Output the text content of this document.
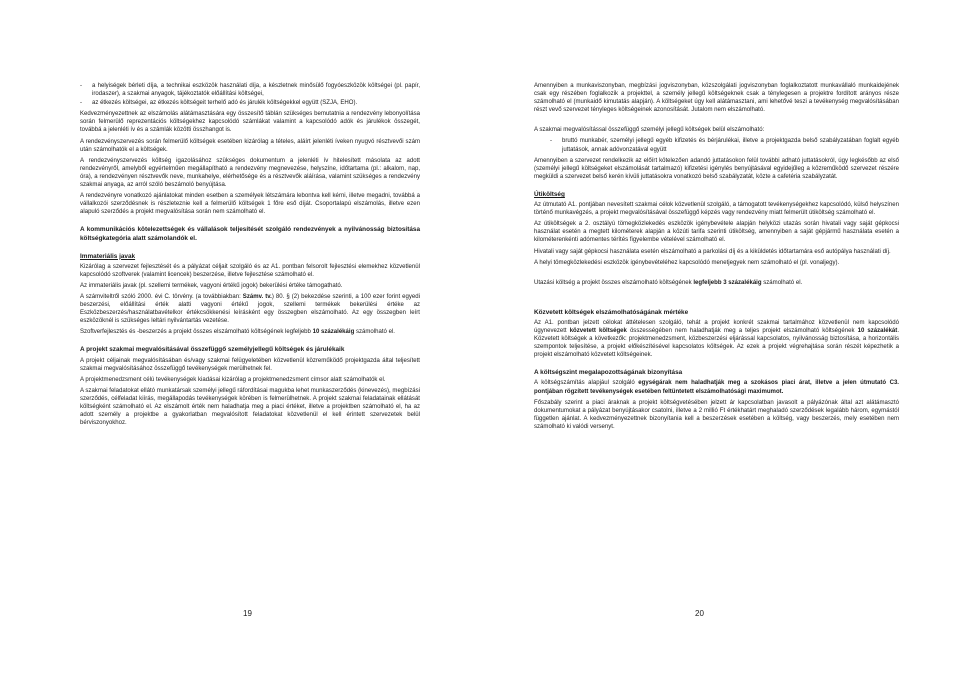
- a helyiségek bérleti díja, a technikai eszközök használati díja, a készletnek minősülő fogyóeszközök költségei (pl. papír, irodaszer), a szakmai anyagok, tájékoztatók előállítási költségei,
- az étkezés költségei, az étkezés költségeit terhelő adó és járulék költségekkel együtt (SZJA, EHO).

Kedvezményezettnek az elszámolás alátámasztására egy összesítő táblán szükséges bemutatnia a rendezvény lebonyolítása során felmerülő reprezentációs költségekhez kapcsolódó számlákat valamint a kapcsolódó adók és járulékok összegét, továbbá a jelenléti ív és a számlák közötti összhangot is.

A rendezvényszervezés során felmerülő költségek esetében kizárólag a tételes, aláírt jelenléti íveken nyugvó résztvevői szám után számolhatók el a költségek.

A rendezvényszervezés költség igazolásához szükséges dokumentum a jelenléti ív hitelesített másolata az adott rendezvényről, amelyből egyértelműen megállapítható a rendezvény megnevezése, helyszíne, időtartama (pl.: alkalom, nap, óra), a rendezvényen résztvevők neve, munkahelye, elérhetősége és a résztvevők aláírása, valamint szükséges a rendezvény szakmai anyaga, az arról szóló beszámoló benyújtása.

A rendezvényre vonatkozó ajánlatokat minden esetben a személyek létszámára lebontva kell kérni, illetve megadni, továbbá a vállalkozói szerződésnek is részleteznie kell a felmerülő költségek 1 főre eső díját. Csoportalapú elszámolás, illetve ezen alapuló szerződés a projekt megvalósítása során nem számolható el.

A kommunikációs kötelezettségek és vállalások teljesítését szolgáló rendezvények a nyilvánosság biztosítása költségkategória alatt számolandók el.

Immateriális javak

Kizárólag a szervezet fejlesztését és a pályázat céljait szolgáló és az A1. pontban felsorolt fejlesztési elemekhez közvetlenül kapcsolódó szoftverek (valamint licencek) beszerzése, illetve fejlesztése számolható el.

Az immateriális javak (pl. szellemi termékek, vagyoni értékű jogok) bekerülési értéke támogatható.

A számviteltről szóló 2000. évi C. törvény. (a továbbiakban: Számv. tv.) 80. § (2) bekezdése szerinti, a 100 ezer forint egyedi beszerzési, előállítási érték alatti vagyoni értékű jogok, szellemi termékek bekerülési értéke az Eszközbeszerzés/használatbavételkor értékcsökkenési leírásként egy összegben elszámolható. Az egy összegben leírt eszközöknél is szükséges leltári nyilvántartás vezetése.

Szoftverfejlesztés és -beszerzés a projekt összes elszámolható költségének legfeljebb 10 százalékáig számolható el.

A projekt szakmai megvalósításával összefüggő személyjellegű költségek és járulékaik

A projekt céljainak megvalósításában és/vagy szakmai felügyeletében közvetlenül közreműködő projektgazda által teljesített szakmai megvalósításához összefüggő tevékenységek merülhetnek fel.

A projektmenedzsment célú tevékenységek kiadásai kizárólag a projektmenedzsment címsor alatt számolhatók el.

A szakmai feladatokat ellátó munkatársak személyi jellegű ráfordításai magukba lehet munkaszerződés (kinevezés), megbízási szerződés, célfeladat kiírás, megállapodás tevékenységek körében is felmerülhetnek. A projekt szakmai feladatainak ellátását költségként számolható el. Az elszámolt érték nem haladhatja meg a piaci értéket, illetve a projektben számolható el, ha az adott személy a projektbe a gyakorlatban megvalósított feladatokat közvetlenül el kell érintett szervezetek belül bérviszonyokhoz.

Amennyiben a munkaviszonyban, megbízási jogviszonyban, közszolgálati jogviszonyban foglalkoztatott munkavállaló munkaidejének csak egy részében foglalkozik a projekttel, a személy jellegű költségeknek csak a ténylegesen a projektre fordított arányos része számolható el (munkaidő kimutatás alapján). A költségeket úgy kell alátámasztani, ami lehetővé teszi a tevékenység megvalósításában részt vevő szervezet tényleges költségeinek azonosítását. Jutalom nem elszámolható.

A szakmai megvalósítással összefüggő személyi jellegű költségek belül elszámolható:

- bruttó munkabér, személyi jellegű egyéb kifizetés és bérjárulékai, illetve a projektgazda belső szabályzatában foglalt egyéb juttatások, annak adóvonzatával együtt

Amennyiben a szervezet rendelkezik az előírt kötelezően adandó juttatásokon felül további adható juttatásokról, úgy legkésőbb az első (személyi jellegű költségeket elszámolását tartalmazó) kifizetési igénylés benyújtásával egyidejűleg a közreműködő szervezet részére megküldi a szervezet belső kerén kívüli juttatásokra vonatkozó belső szabályzatát, közte a cafetéria szabályzatát.

Útiköltség

Az útmutató A1. pontjában nevesített szakmai célok közvetlenül szolgáló, a támogatott tevékenységekhez kapcsolódó, külső helyszínen történő munkavégzés, a projekt megvalósításával összefüggő képzés vagy rendezvény miatt felmerült útiköltség számolható el.

Az útiköltségek a 2. osztályú tömegközlekedés eszközök igénybevétele alapján helyközi utazás során hivatali vagy saját gépkocsi használat esetén a megtett kilométerek alapján a közúti tarifa szerinti útiköltség, amennyiben a saját gépjármű használata esetén a kilométerenkénti adómentes térítés figyelembe vételével számolható el.

Hivatali vagy saját gépkocsi használata esetén elszámolható a parkolási díj és a kiküldetés időtartamára eső autópálya használati díj.

A helyi tömegközlekedési eszközök igénybevételéhez kapcsolódó menetjegyek nem számolható el (pl. vonaljegy).

Utazási költség a projekt összes elszámolható költségének legfeljebb 3 százalékáig számolható el.

Közvetett költségek elszámolhatóságának mértéke

Az A1. pontban jelzett célokat áttételesen szolgáló, tehát a projekt konkrét szakmai tartalmához közvetlenül nem kapcsolódó úgynevezett közvetett költségek összességében nem haladhatják meg a teljes projekt elszámolható költségének 10 százalékát. Közvetett költségek a következők: projektmenedzsment, közbeszerzési eljárással kapcsolatos, nyilvánosság biztosítása, a horizontális szempontok teljesítése, a projekt előkészítésével kapcsolatos költségek. Az ezek a projekt végrehajtása során részét képezhetik a projekt elszámolható közvetett költségeinek.

A költségszint megalapozottságának bizonyítása

A költségszámítás alapjául szolgáló egységárak nem haladhatják meg a szokásos piaci árat, illetve a jelen útmutató C3. pontjában rögzített tevékenységek esetében feltüntetett elszámolhatósági maximumot.

Főszabály szerint a piaci áraknak a projekt költségvetésében jelzett ár kapcsolatban javasolt a pályázónak által azt alátámasztó dokumentumokat a pályázat benyújtásakor csatolni, illetve a 2 millió Ft értékhatárt meghaladó szerződések legalább három, egymástól független ajánlat. A kedvezményezettnek bizonyítania kell a beszerzések esetében a költség, vagy beszerzés, mely esetében nem számolható ki valódi versenyt.

19	20
